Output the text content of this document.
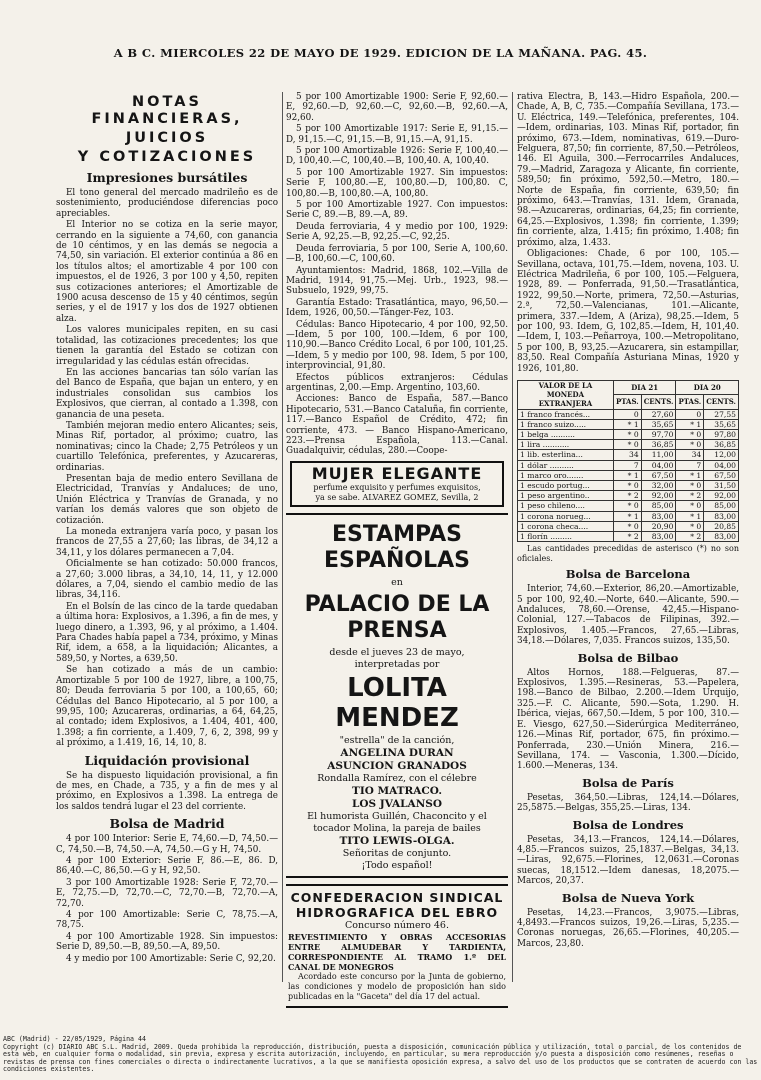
A B C. MIERCOLES 22 DE MAYO DE 1929. EDICION DE LA MAÑANA. PAG. 45.
NOTAS FINANCIERAS,
JUICIOS
Y COTIZACIONES
Impresiones bursátiles

El tono general del mercado madrileño es de sostenimiento, produciéndose diferencias poco apreciables.

El Interior no se cotiza en la serie mayor, cerrando en la siguiente a 74,60, con ganancia de 10 céntimos, y en las demás se negocia a 74,50, sin variación. El exterior continúa a 86 en los títulos altos; el amortizable 4 por 100 con impuestos, el de 1926, 3 por 100 y 4,50, repiten sus cotizaciones anteriores; el Amortizable de 1900 acusa descenso de 15 y 40 céntimos, según series, y el de 1917 y los dos de 1927 obtienen alza.

Los valores municipales repiten, en su casi totalidad, las cotizaciones precedentes; los que tienen la garantía del Estado se cotizan con irregularidad y las cédulas están ofrecidas.

En las acciones bancarias tan sólo varían las del Banco de España, que bajan un entero, y en industriales consolidan sus cambios los Explosivos, que cierran, al contado a 1.398, con ganancia de una peseta.

También mejoran medio entero Alicantes; seis, Minas Rif, portador, al próximo; cuatro, las nominativas; cinco la Chade; 2,75 Petróleos y un cuartillo Telefónica, preferentes, y Azucareras, ordinarias.

Presentan baja de medio entero Sevillana de Electricidad, Tranvías y Andaluces; de uno, Unión Eléctrica y Tranvías de Granada, y no varían los demás valores que son objeto de cotización.

La moneda extranjera varía poco, y pasan los francos de 27,55 a 27,60; las libras, de 34,12 a 34,11, y los dólares permanecen a 7,04.

Oficialmente se han cotizado: 50.000 francos, a 27,60; 3.000 libras, a 34,10, 14, 11, y 12.000 dólares, a 7,04, siendo el cambio medio de las libras, 34,116.

En el Bolsín de las cinco de la tarde quedaban a última hora: Explosivos, a 1.396, a fin de mes, y luego dinero, a 1.393, 96, y al próximo, a 1.404. Para Chades había papel a 734, próximo, y Minas Rif, idem, a 658, a la liquidación; Alicantes, a 589,50, y Nortes, a 639,50.

Se han cotizado a más de un cambio: Amortizable 5 por 100 de 1927, libre, a 100,75, 80; Deuda ferroviaria 5 por 100, a 100,65, 60; Cédulas del Banco Hipotecario, al 5 por 100, a 99,95, 100; Azucareras, ordinarias, a 64, 64,25, al contado; idem Explosivos, a 1.404, 401, 400, 1.398; a fin corriente, a 1.409, 7, 6, 2, 398, 99 y al próximo, a 1.419, 16, 14, 10, 8.

Liquidación provisional

Se ha dispuesto liquidación provisional, a fin de mes, en Chade, a 735, y a fin de mes y al próximo, en Explosivos a 1.398. La entrega de los saldos tendrá lugar el 23 del corriente.

Bolsa de Madrid

4 por 100 Interior: Serie E, 74,60.—D, 74,50.—C, 74,50.—B, 74,50.—A, 74,50.—G y H, 74,50.

4 por 100 Exterior: Serie F, 86.—E, 86. D, 86,40.—C, 86,50.—G y H, 92,50.

3 por 100 Amortizable 1928: Serie F, 72,70.—E, 72,75.—D, 72,70.—C, 72,70.—B, 72,70.—A, 72,70.

4 por 100 Amortizable: Serie C, 78,75.—A, 78,75.

4 por 100 Amortizable 1928. Sin impuestos: Serie D, 89,50.—B, 89,50.—A, 89,50.

4 y medio por 100 Amortizable: Serie C, 92,20.

5 por 100 Amortizable 1900: Serie F, 92,60.—E, 92,60.—D, 92,60.—C, 92,60.—B, 92,60.—A, 92,60.

5 por 100 Amortizable 1917: Serie E, 91,15.—D, 91,15.—C, 91,15.—B, 91,15.—A, 91,15.

5 por 100 Amortizable 1926: Serie F, 100,40.—D, 100,40.—C, 100,40.—B, 100,40. A, 100,40.

5 por 100 Amortizable 1927. Sin impuestos: Serie F, 100,80.—E, 100,80.—D, 100,80. C, 100,80.—B, 100,80.—A, 100,80.

5 por 100 Amortizable 1927. Con impuestos: Serie C, 89.—B, 89.—A, 89.

Deuda ferroviaria, 4 y medio por 100, 1929: Serie A, 92,25.—B, 92,25.—C, 92,25.

Deuda ferroviaria, 5 por 100, Serie A, 100,60.—B, 100,60.—C, 100,60.

Ayuntamientos: Madrid, 1868, 102.—Villa de Madrid, 1914, 91,75.—Mej. Urb., 1923, 98.—Subsuelo, 1929, 99,75.

Garantía Estado: Trasatlántica, mayo, 96,50.—Idem, 1926, 00,50.—Tánger-Fez, 103.

Cédulas: Banco Hipotecario, 4 por 100, 92,50.—Idem, 5 por 100, 100.—Idem, 6 por 100, 110,90.—Banco Crédito Local, 6 por 100, 101,25.—Idem, 5 y medio por 100, 98. Idem, 5 por 100, interprovincial, 91,80.

Efectos públicos extranjeros: Cédulas argentinas, 2,00.—Emp. Argentino, 103,60.

Acciones: Banco de España, 587.—Banco Hipotecario, 531.—Banco Cataluña, fin corriente, 117.—Banco Español de Crédito, 472; fin corriente, 473. — Banco Hispano-Americano, 223.—Prensa Española, 113.—Canal. Guadalquivir, cédulas, 280.—Coope-

MUJER ELEGANTE
perfume exquisito y perfumes exquisitos,
ya se sabe. ALVAREZ GOMEZ, Sevilla, 2
ESTAMPAS ESPAÑOLAS
en
PALACIO DE LA PRENSA
desde el jueves 23 de mayo,
interpretadas por
LOLITA MENDEZ
"estrella" de la canción,
ANGELINA DURAN
ASUNCION GRANADOS
Rondalla Ramírez, con el célebre
TIO MATRACO.
LOS JVALANSO
El humorista Guillén, Chaconcito y el
tocador Molina, la pareja de bailes
TITO LEWIS-OLGA.
Señoritas de conjunto.
¡Todo español!
CONFEDERACION SINDICAL
HIDROGRAFICA DEL EBRO
Concurso número 46.
REVESTIMIENTO Y OBRAS ACCESORIAS ENTRE ALMUDEBAR Y TARDIENTA, CORRESPONDIENTE AL TRAMO 1.º DEL CANAL DE MONEGROS
Acordado este concurso por la Junta de gobierno, las condiciones y modelo de proposición han sido publicadas en la "Gaceta" del día 17 del actual.

rativa Electra, B, 143.—Hidro Española, 200.—Chade, A, B, C, 735.—Compañía Sevillana, 173.—U. Eléctrica, 149.—Telefónica, preferentes, 104.—Idem, ordinarias, 103. Minas Rif, portador, fin próximo, 673.—Idem, nominativas, 619.—Duro-Felguera, 87,50; fin corriente, 87,50.—Petróleos, 146. El Aguila, 300.—Ferrocarriles Andaluces, 79.—Madrid, Zaragoza y Alicante, fin corriente, 589,50; fin próximo, 592,50.—Metro, 180.—Norte de España, fin corriente, 639,50; fin próximo, 643.—Tranvías, 131. Idem, Granada, 98.—Azucareras, ordinarias, 64,25; fin corriente, 64,25.—Explosivos, 1.398; fin corriente, 1.399; fin corriente, alza, 1.415; fin próximo, 1.408; fin próximo, alza, 1.433.

Obligaciones: Chade, 6 por 100, 105.—Sevillana, octava, 101,75.—Idem, novena, 103. U. Eléctrica Madrileña, 6 por 100, 105.—Felguera, 1928, 89. — Ponferrada, 91,50.—Trasatlántica, 1922, 99,50.—Norte, primera, 72,50.—Asturias, 2.ª, 72,50.—Valencianas, 101.—Alicante, primera, 337.—Idem, A (Ariza), 98,25.—Idem, 5 por 100, 93. Idem, G, 102,85.—Idem, H, 101,40.—Idem, I, 103.—Peñarroya, 100.—Metropolitano, 5 por 100, B, 93,25.—Azucarera, sin estampillar, 83,50. Real Compañía Asturiana Minas, 1920 y 1926, 101,80.

VALOR DE LA MONEDA
EXTRANJERA	DIA 21		DIA 20	
	PTAS.	CENTS.	PTAS.	CENTS.
1 franco francés...	0	27,60	0	27,55
1 franco suizo.....	* 1	35,65	* 1	35,65
1 belga ..........	* 0	97,70	* 0	97,80
1 lira ...........	* 0	36,85	* 0	36,85
1 lib. esterlina...	34	11,00	34	12,00
1 dólar ..........	7	04,00	7	04,00
1 marco oro.......	* 1	67,50	* 1	67,50
1 escudo portug...	* 0	32,00	* 0	31,50
1 peso argentino..	* 2	92,00	* 2	92,00
1 peso chileno....	* 0	85,00	* 0	85,00
1 corona norueg...	* 1	83,00	* 1	83,00
1 corona checa....	* 0	20,90	* 0	20,85
1 florín .........	* 2	83,00	* 2	83,00

Las cantidades precedidas de asterisco (*) no son oficiales.

Bolsa de Barcelona

Interior, 74,60.—Exterior, 86,20.—Amortizable, 5 por 100, 92,40.—Norte, 640.—Alicante, 590.—Andaluces, 78,60.—Orense, 42,45.—Hispano-Colonial, 127.—Tabacos de Filipinas, 392.—Explosivos, 1.405.—Francos, 27,65.—Libras, 34,18.—Dólares, 7,035. Francos suizos, 135,50.

Bolsa de Bilbao

Altos Hornos, 188.—Felgueras, 87.—Explosivos, 1.395.—Resineras, 53.—Papelera, 198.—Banco de Bilbao, 2.200.—Idem Urquijo, 325.—F. C. Alicante, 590.—Sota, 1.290. H. Ibérica, viejas, 667,50.—Idem, 5 por 100, 310.—E. Viesgo, 627,50.—Siderúrgica Mediterráneo, 126.—Minas Rif, portador, 675, fin próximo.—Ponferrada, 230.—Unión Minera, 216.—Sevillana, 174. — Vasconia, 1.300.—Dícido, 1.600.—Meneras, 134.

Bolsa de París

Pesetas, 364,50.—Libras, 124,14.—Dólares, 25,5875.—Belgas, 355,25.—Liras, 134.

Bolsa de Londres

Pesetas, 34,13.—Francos, 124,14.—Dólares, 4,85.—Francos suizos, 25,1837.—Belgas, 34,13.—Liras, 92,675.—Florines, 12,0631.—Coronas suecas, 18,1512.—Idem danesas, 18,2075.—Marcos, 20,37.

Bolsa de Nueva York

Pesetas, 14,23.—Francos, 3,9075.—Libras, 4,8493.—Francos suizos, 19,26.—Liras, 5,235.—Coronas noruegas, 26,65.—Florines, 40,205.—Marcos, 23,80.

ABC (Madrid) - 22/05/1929, Página 44
Copyright (c) DIARIO ABC S.L. Madrid, 2009. Queda prohibida la reproducción, distribución, puesta a disposición, comunicación pública y utilización, total o parcial, de los contenidos de esta web, en cualquier forma o modalidad, sin previa, expresa y escrita autorización, incluyendo, en particular, su mera reproducción y/o puesta a disposición como resúmenes, reseñas o revistas de prensa con fines comerciales o directa o indirectamente lucrativos, a la que se manifiesta oposición expresa, a salvo del uso de los productos que se contraten de acuerdo con las condiciones existentes.
